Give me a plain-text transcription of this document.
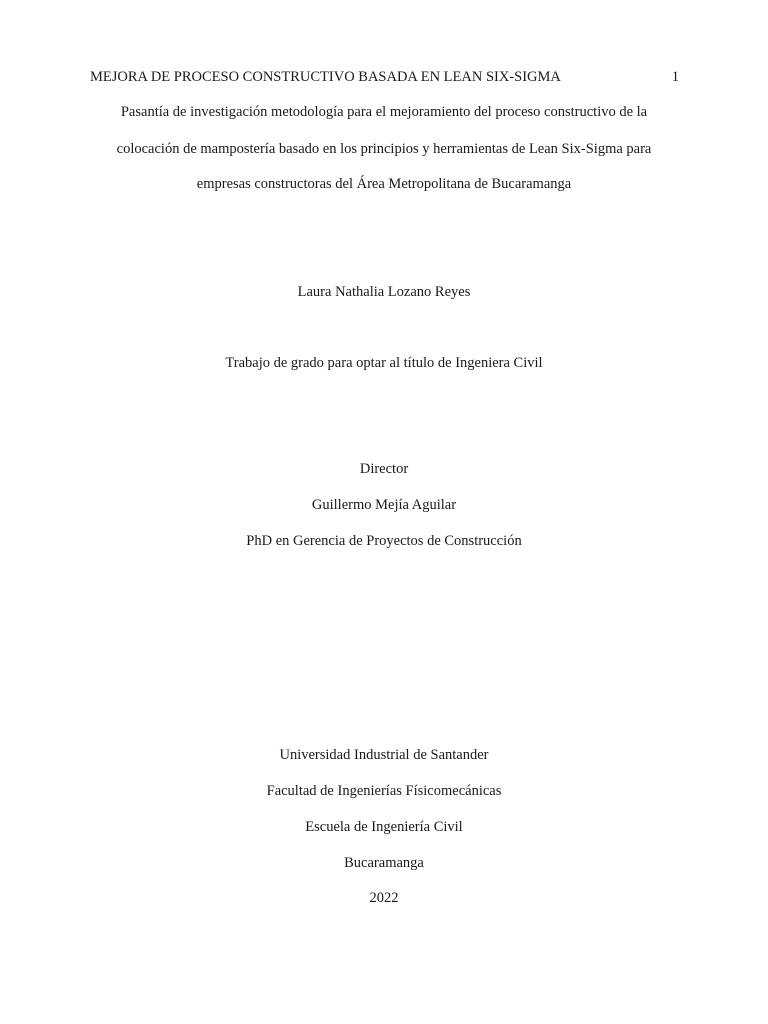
MEJORA DE PROCESO CONSTRUCTIVO BASADA EN LEAN SIX-SIGMA	1
Pasantía de investigación metodología para el mejoramiento del proceso constructivo de la
colocación de mampostería basado en los principios y herramientas de Lean Six-Sigma para
empresas constructoras del Área Metropolitana de Bucaramanga
Laura Nathalia Lozano Reyes
Trabajo de grado para optar al título de Ingeniera Civil
Director
Guillermo Mejía Aguilar
PhD en Gerencia de Proyectos de Construcción
Universidad Industrial de Santander
Facultad de Ingenierías Físicomecánicas
Escuela de Ingeniería Civil
Bucaramanga
2022
